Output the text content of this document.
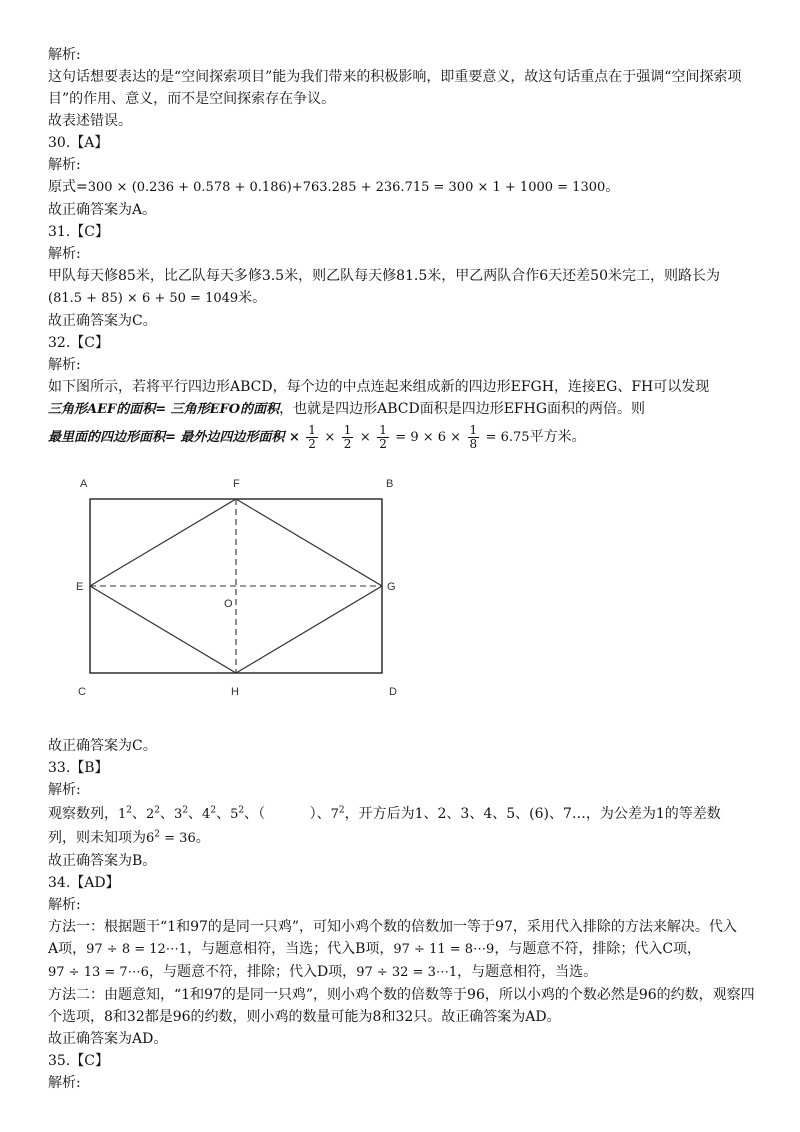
解析:
这句话想要表达的是“空间探索项目”能为我们带来的积极影响，即重要意义，故这句话重点在于强调“空间探索项目”的作用、意义，而不是空间探索存在争议。
故表述错误。
30.【A】
解析:
原式=300 × (0.236 + 0.578 + 0.186)+763.285 + 236.715 = 300 × 1 + 1000 = 1300。
故正确答案为A。
31.【C】
解析:
甲队每天修85米，比乙队每天多修3.5米，则乙队每天修81.5米，甲乙两队合作6天还差50米完工，则路长为
(81.5 + 85) × 6 + 50 = 1049米。
故正确答案为C。
32.【C】
解析:
如下图所示，若将平行四边形ABCD，每个边的中点连起来组成新的四边形EFGH，连接EG、FH可以发现
三角形AEF的面积= 三角形EFO的面积，也就是四边形ABCD面积是四边形EFHG面积的两倍。则
最里面的四边形面积= 最外边四边形面积 × $\frac{1}{2} \times \frac{1}{2} \times \frac{1}{2} = 9 \times 6 \times \frac{1}{8} = 6.75$平方米。
A	F	B
E	G
O
C	H	D
故正确答案为C。
33.【B】
解析:
观察数列，$1^2$、$2^2$、$3^2$、$4^2$、$5^2$、（          ）、$7^2$，开方后为1、2、3、4、5、(6)、7…，为公差为1的等差数
列，则未知项为$6^2 = 36$。
故正确答案为B。
34.【AD】
解析:
方法一：根据题干“1和97的是同一只鸡”，可知小鸡个数的倍数加一等于97，采用代入排除的方法来解决。代入
A项，97 ÷ 8 = 12⋯1，与题意相符，当选；代入B项，97 ÷ 11 = 8⋯9，与题意不符，排除；代入C项，
97 ÷ 13 = 7⋯6，与题意不符，排除；代入D项，97 ÷ 32 = 3⋯1，与题意相符，当选。
方法二：由题意知，“1和97的是同一只鸡”，则小鸡个数的倍数等于96，所以小鸡的个数必然是96的约数，观察四个选项，8和32都是96的约数，则小鸡的数量可能为8和32只。故正确答案为AD。
故正确答案为AD。
35.【C】
解析:
